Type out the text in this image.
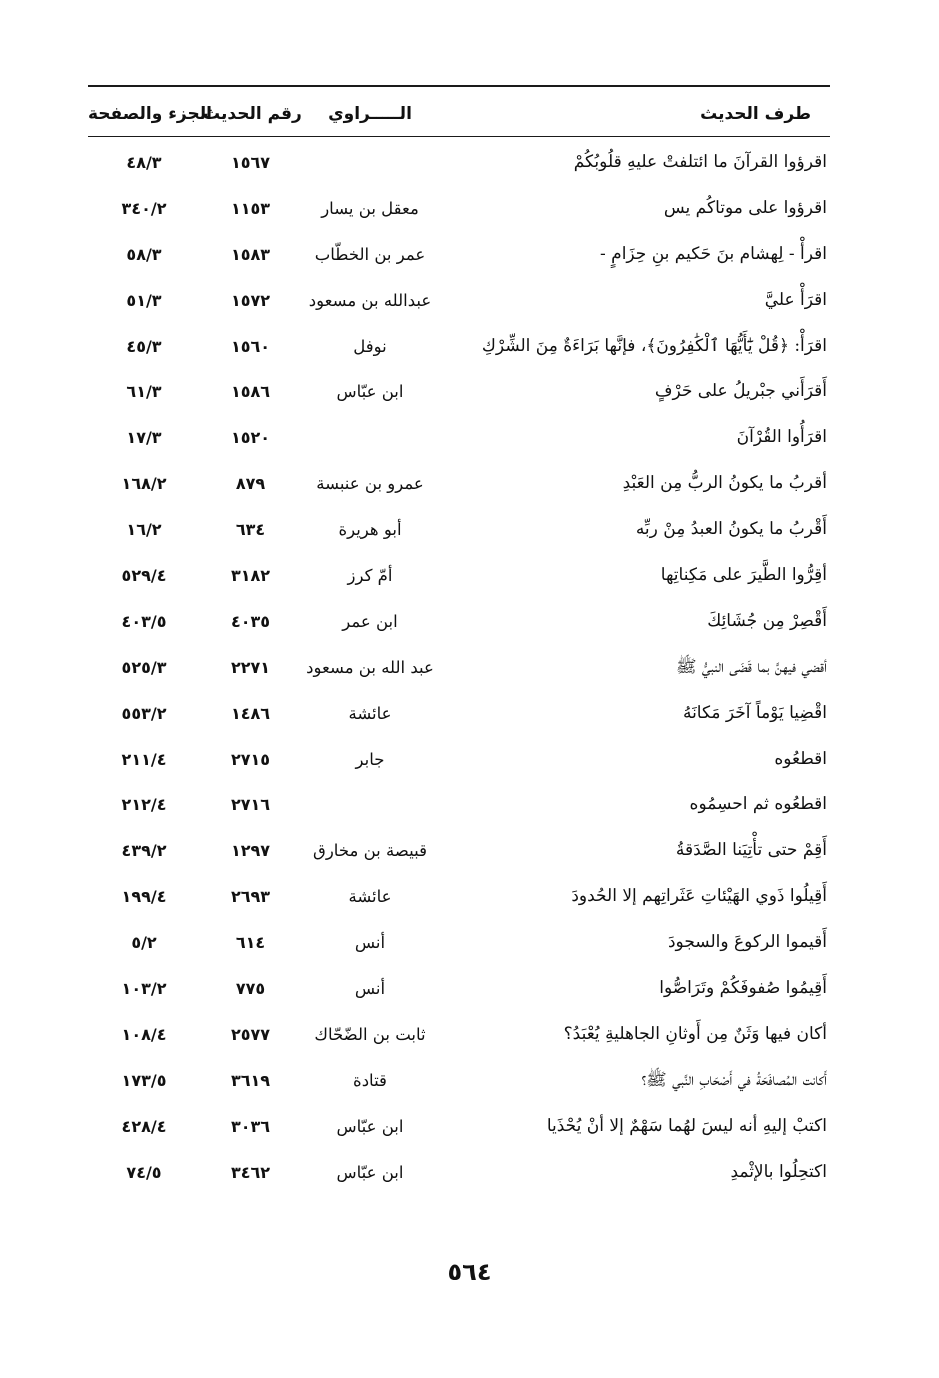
طرف الحديث
الـــــراوي
رقم الحديث
الجزء والصفحة
اقرؤوا القرآنَ ما ائتلفتْ عليهِ قلُوبُكُمْ
١٥٦٧
٤٨/٣
اقرؤوا على موتاكُم يس
معقل بن يسار
١١٥٣
٣٤٠/٢
اقرأْ - لِهشام بنَ حَكيم بنِ حِزَامٍ -
عمر بن الخطّاب
١٥٨٣
٥٨/٣
اقرَأْ عليَّ
عبدالله بن مسعود
١٥٧٢
٥١/٣
اقرَأْ: ﴿قُلْ يَٰٓأَيُّهَا ٱلْكَٰفِرُونَ﴾، فإنَّها بَرَاءَةٌ مِنَ الشِّرْكِ
نوفل
١٥٦٠
٤٥/٣
أَقرَأَني جبْريلُ على حَرْفٍ
ابن عبّاس
١٥٨٦
٦١/٣
اقرَأُوا القُرْآنَ
١٥٢٠
١٧/٣
أقربُ ما يكونُ الربُّ مِن العَبْدِ
عمرو بن عنبسة
٨٧٩
١٦٨/٢
أَقْربُ ما يكونُ العبدُ مِنْ ربِّه
أبو هريرة
٦٣٤
١٦/٢
أقِرُّوا الطَّيرَ على مَكِناتِها
أمّ كرز
٣١٨٢
٥٢٩/٤
أَقْصِرْ مِن جُشَائِكَ
ابن عمر
٤٠٣٥
٤٠٣/٥
أقضي فيهنَّ بما قَضَى النبيُّ ﷺ
عبد الله بن مسعود
٢٢٧١
٥٢٥/٣
اقْضِيا يَوْماً آخَرَ مَكانَهُ
عائشة
١٤٨٦
٥٥٣/٢
اقطعُوه
جابر
٢٧١٥
٢١١/٤
اقطعُوه ثم احسِمُوه
٢٧١٦
٢١٢/٤
أَقِمْ حتى تأْتِيَنا الصَّدَقةُ
قبيصة بن مخارق
١٢٩٧
٤٣٩/٢
أَقِيلُوا ذَوي الهَيْئاتِ عَثَراتِهم إلا الحُدودَ
عائشة
٢٦٩٣
١٩٩/٤
أَقيموا الركوعَ والسجودَ
أنس
٦١٤
٥/٢
أَقِيمُوا صُفوفَكُمْ وتَرَاصُّوا
أنس
٧٧٥
١٠٣/٢
أكان فيها وَثَنٌ مِن أَوثانِ الجاهليةِ يُعْبَدُ؟
ثابت بن الضّحّاك
٢٥٧٧
١٠٨/٤
أَكانت المُصافَحَةُ في أَصْحَابِ النَّبي ﷺ؟
قتادة
٣٦١٩
١٧٣/٥
اكتبْ إليهِ أنه ليسَ لهُما سَهْمٌ إلا أنْ يُحْذَيا
ابن عبّاس
٣٠٣٦
٤٢٨/٤
اكتحِلُوا بالإثْمدِ
ابن عبّاس
٣٤٦٢
٧٤/٥
٥٦٤
